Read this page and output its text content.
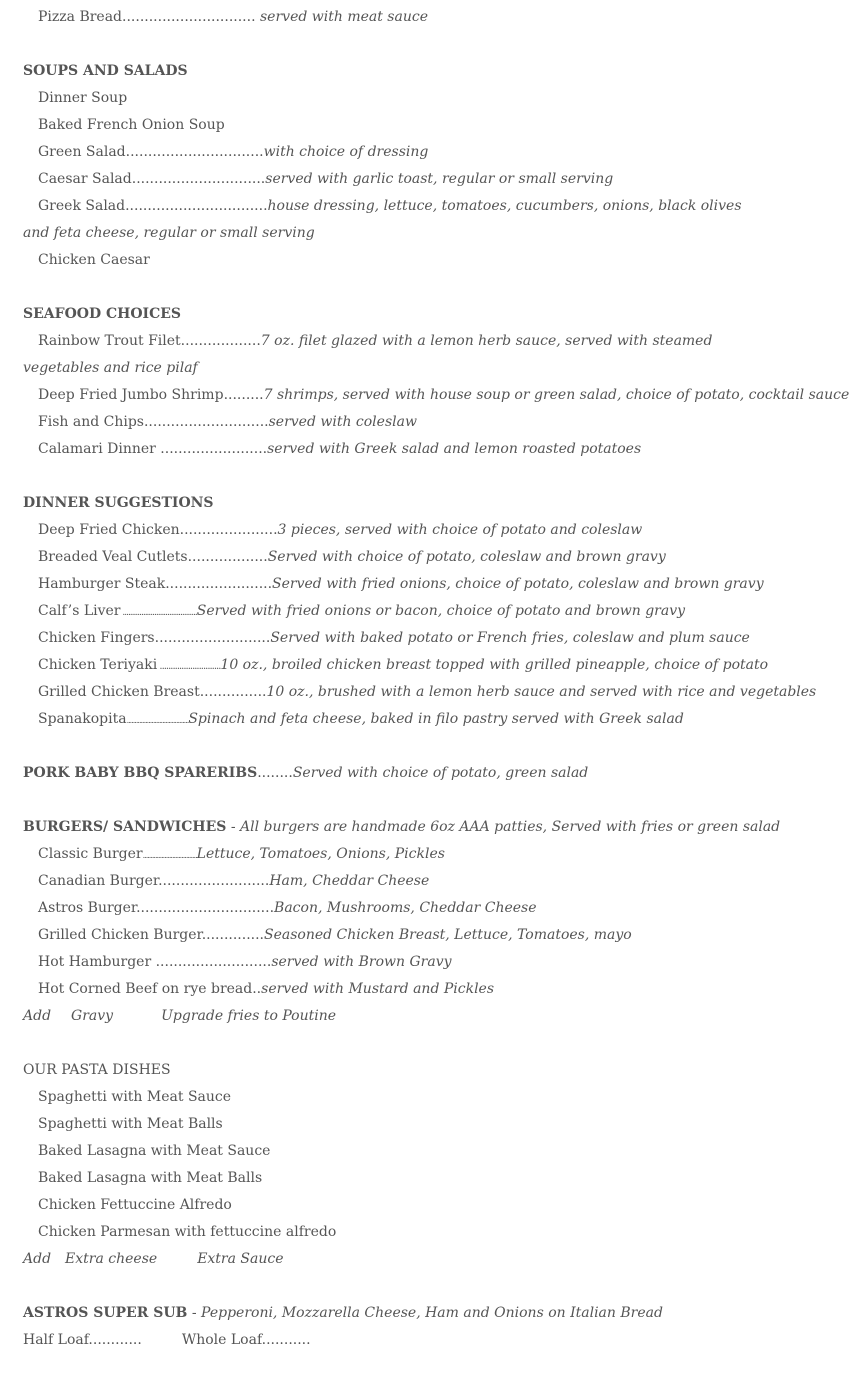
Pizza Bread.............................. served with meat sauce
SOUPS AND SALADS
Dinner Soup
Baked French Onion Soup
Green Salad...............................with choice of dressing
Caesar Salad..............................served with garlic toast, regular or small serving
Greek Salad................................house dressing, lettuce, tomatoes, cucumbers, onions, black olives and feta cheese, regular or small serving
Chicken Caesar
SEAFOOD CHOICES
Rainbow Trout Filet..................7 oz. filet glazed with a lemon herb sauce, served with steamed vegetables and rice pilaf
Deep Fried Jumbo Shrimp.........7 shrimps, served with house soup or green salad, choice of potato, cocktail sauce
Fish and Chips............................served with coleslaw
Calamari Dinner ........................served with Greek salad and lemon roasted potatoes
DINNER SUGGESTIONS
Deep Fried Chicken......................3 pieces, served with choice of potato and coleslaw
Breaded Veal Cutlets..................Served with choice of potato, coleslaw and brown gravy
Hamburger Steak........................Served with fried onions, choice of potato, coleslaw and brown gravy
Calf’s Liver ........................................Served with fried onions or bacon, choice of potato and brown gravy
Chicken Fingers..........................Served with baked potato or French fries, coleslaw and plum sauce
Chicken Teriyaki ............................10 oz., broiled chicken breast topped with grilled pineapple, choice of potato
Grilled Chicken Breast...............10 oz., brushed with a lemon herb sauce and served with rice and vegetables
Spanakopita........................................Spinach and feta cheese, baked in filo pastry served with Greek salad
PORK BABY BBQ SPARERIBS........Served with choice of potato, green salad
BURGERS/ SANDWICHES - All burgers are handmade 6oz AAA patties, Served with fries or green salad
Classic Burger...................................Lettuce, Tomatoes, Onions, Pickles
Canadian Burger.........................Ham, Cheddar Cheese
Astros Burger...............................Bacon, Mushrooms, Cheddar Cheese
Grilled Chicken Burger..............Seasoned Chicken Breast, Lettuce, Tomatoes, mayo
Hot Hamburger ..........................served with Brown Gravy
Hot Corned Beef on rye bread..served with Mustard and Pickles
Add Gravy	Upgrade fries to Poutine
OUR PASTA DISHES
Spaghetti with Meat Sauce
Spaghetti with Meat Balls
Baked Lasagna with Meat Sauce
Baked Lasagna with Meat Balls
Chicken Fettuccine Alfredo
Chicken Parmesan with fettuccine alfredo
Add Extra cheese	Extra Sauce
ASTROS SUPER SUB - Pepperoni, Mozzarella Cheese, Ham and Onions on Italian Bread
Half Loaf............	Whole Loaf...........
